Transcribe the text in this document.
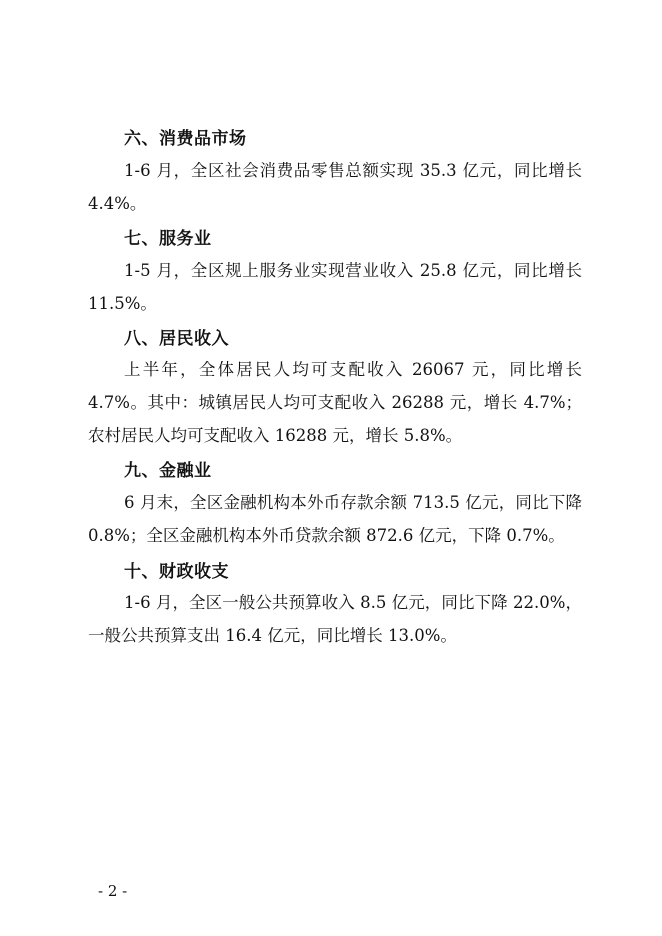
六、消费品市场

1-6 月，全区社会消费品零售总额实现 35.3 亿元，同比增长 4.4%。

七、服务业

1-5 月，全区规上服务业实现营业收入 25.8 亿元，同比增长 11.5%。

八、居民收入

上半年，全体居民人均可支配收入 26067 元，同比增长 4.7%。其中：城镇居民人均可支配收入 26288 元，增长 4.7%；农村居民人均可支配收入 16288 元，增长 5.8%。

九、金融业

6 月末，全区金融机构本外币存款余额 713.5 亿元，同比下降 0.8%；全区金融机构本外币贷款余额 872.6 亿元，下降 0.7%。

十、财政收支

1-6 月，全区一般公共预算收入 8.5 亿元，同比下降 22.0%，一般公共预算支出 16.4 亿元，同比增长 13.0%。

- 2 -
